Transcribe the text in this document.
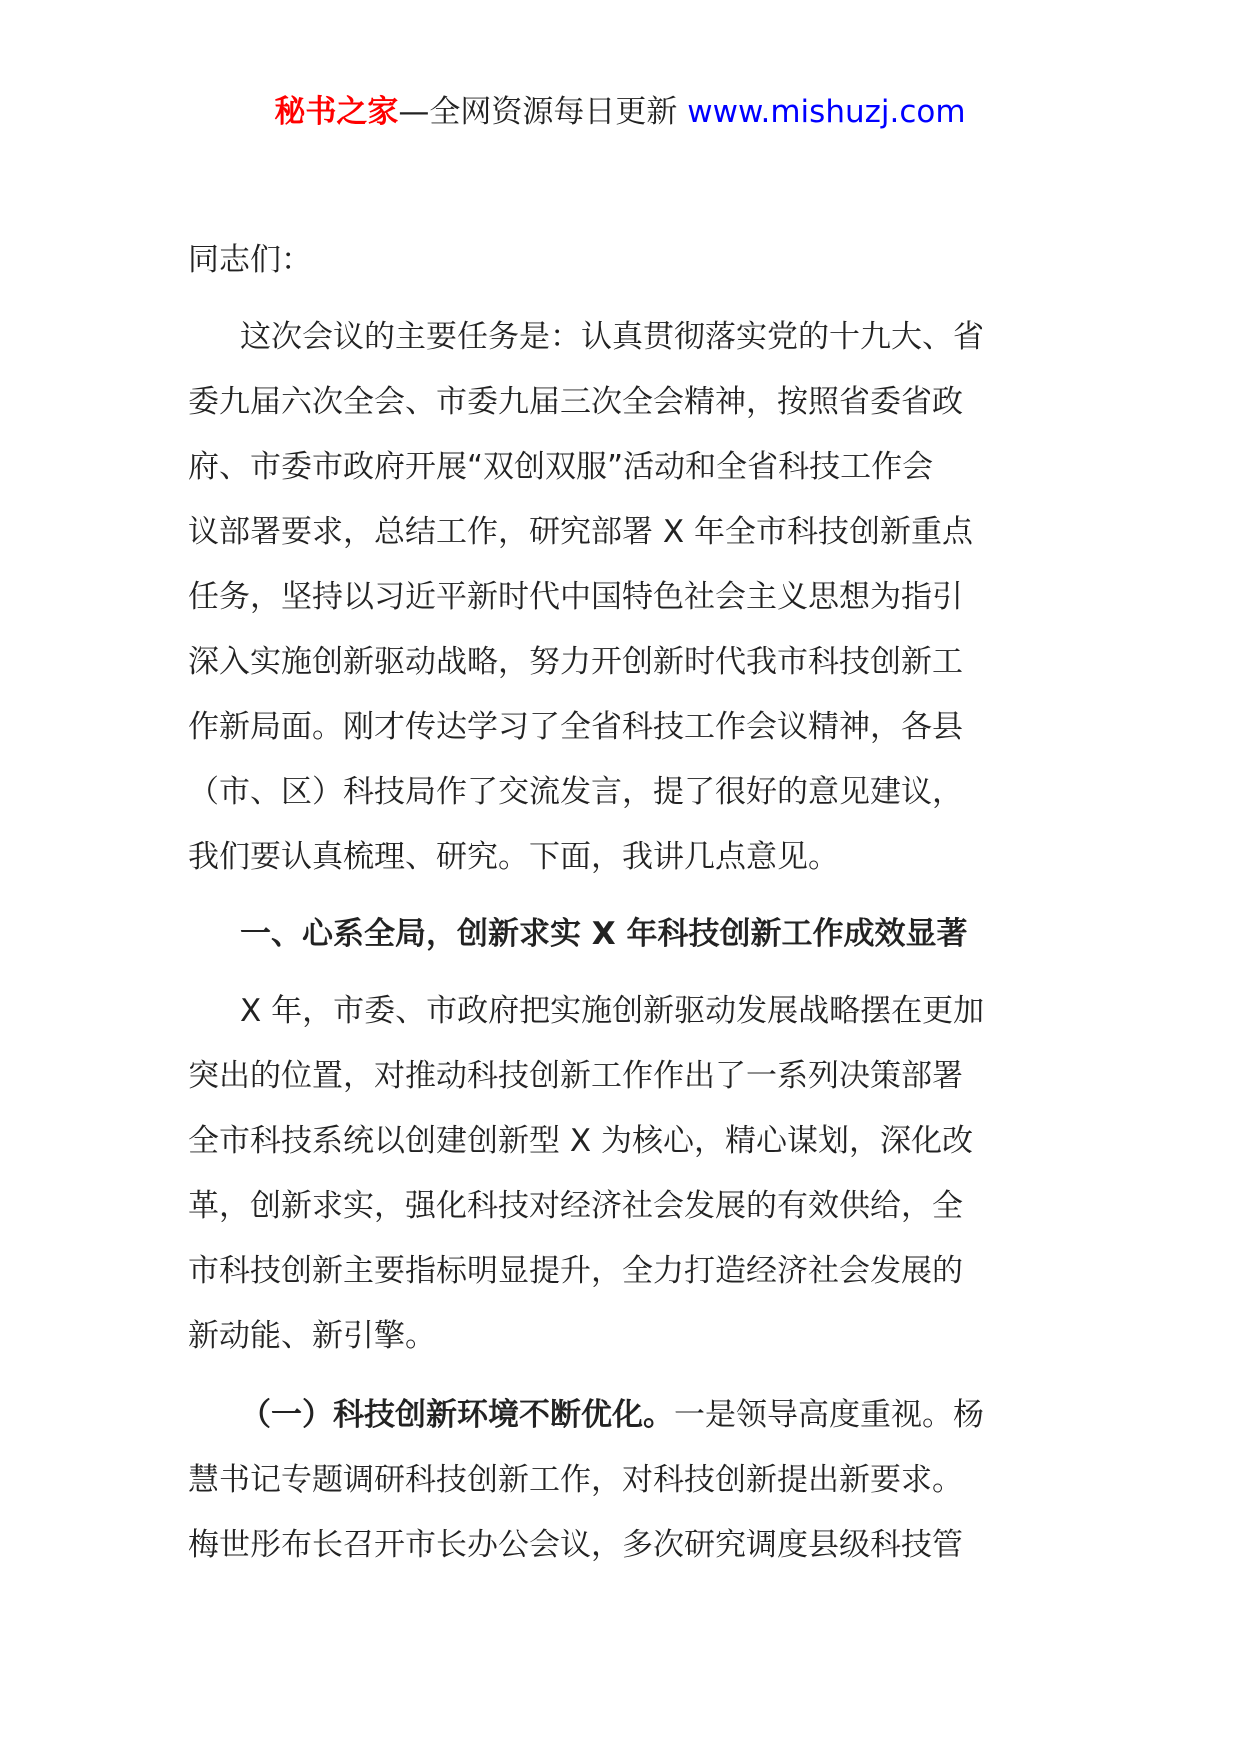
秘书之家—全网资源每日更新 www.mishuzj.com
同志们：
这次会议的主要任务是：认真贯彻落实党的十九大、省
委九届六次全会、市委九届三次全会精神，按照省委省政
府、市委市政府开展“双创双服”活动和全省科技工作会
议部署要求，总结工作，研究部署 X 年全市科技创新重点
任务，坚持以习近平新时代中国特色社会主义思想为指引
深入实施创新驱动战略，努力开创新时代我市科技创新工
作新局面。刚才传达学习了全省科技工作会议精神，各县
（市、区）科技局作了交流发言，提了很好的意见建议，
我们要认真梳理、研究。下面，我讲几点意见。
一、心系全局，创新求实 X 年科技创新工作成效显著
X 年，市委、市政府把实施创新驱动发展战略摆在更加
突出的位置，对推动科技创新工作作出了一系列决策部署
全市科技系统以创建创新型 X 为核心，精心谋划，深化改
革，创新求实，强化科技对经济社会发展的有效供给，全
市科技创新主要指标明显提升，全力打造经济社会发展的
新动能、新引擎。
（一）科技创新环境不断优化。一是领导高度重视。杨
慧书记专题调研科技创新工作，对科技创新提出新要求。
梅世彤布长召开市长办公会议，多次研究调度县级科技管
